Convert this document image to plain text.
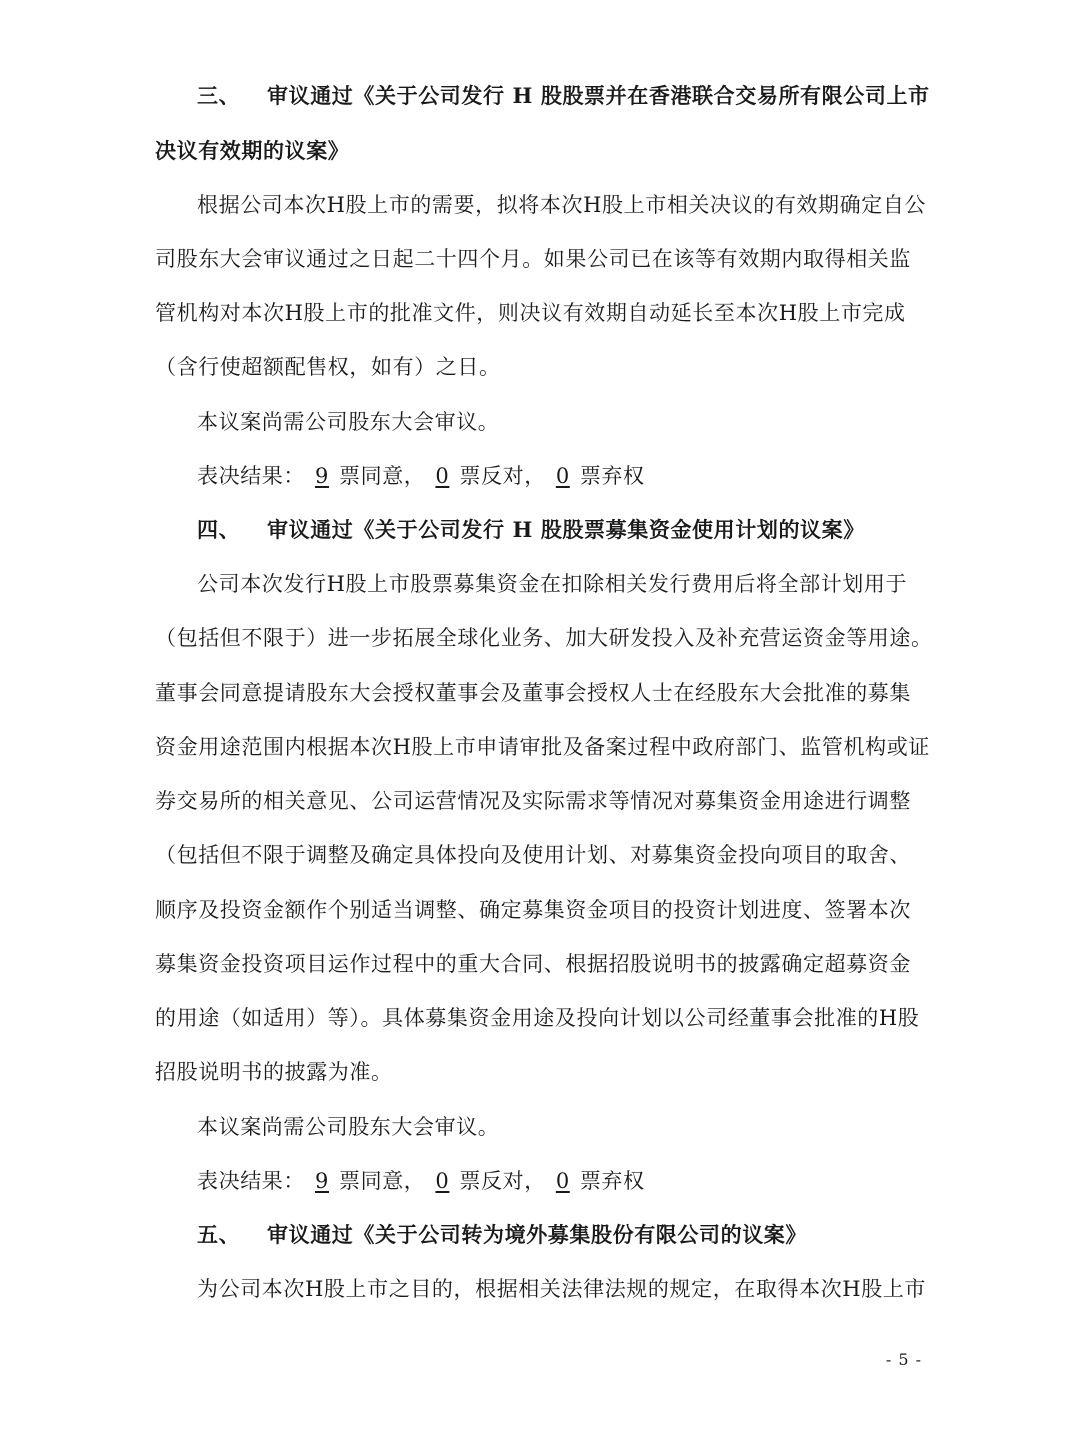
三、 审议通过《关于公司发行 H 股股票并在香港联合交易所有限公司上市
决议有效期的议案》
根据公司本次H股上市的需要，拟将本次H股上市相关决议的有效期确定自公
司股东大会审议通过之日起二十四个月。如果公司已在该等有效期内取得相关监
管机构对本次H股上市的批准文件，则决议有效期自动延长至本次H股上市完成
（含行使超额配售权，如有）之日。
本议案尚需公司股东大会审议。
表决结果： 9 票同意， 0 票反对， 0 票弃权
四、 审议通过《关于公司发行 H 股股票募集资金使用计划的议案》
公司本次发行H股上市股票募集资金在扣除相关发行费用后将全部计划用于
（包括但不限于）进一步拓展全球化业务、加大研发投入及补充营运资金等用途。
董事会同意提请股东大会授权董事会及董事会授权人士在经股东大会批准的募集
资金用途范围内根据本次H股上市申请审批及备案过程中政府部门、监管机构或证
券交易所的相关意见、公司运营情况及实际需求等情况对募集资金用途进行调整
（包括但不限于调整及确定具体投向及使用计划、对募集资金投向项目的取舍、
顺序及投资金额作个别适当调整、确定募集资金项目的投资计划进度、签署本次
募集资金投资项目运作过程中的重大合同、根据招股说明书的披露确定超募资金
的用途（如适用）等）。具体募集资金用途及投向计划以公司经董事会批准的H股
招股说明书的披露为准。
本议案尚需公司股东大会审议。
表决结果： 9 票同意， 0 票反对， 0 票弃权
五、 审议通过《关于公司转为境外募集股份有限公司的议案》
为公司本次H股上市之目的，根据相关法律法规的规定，在取得本次H股上市
- 5 -
